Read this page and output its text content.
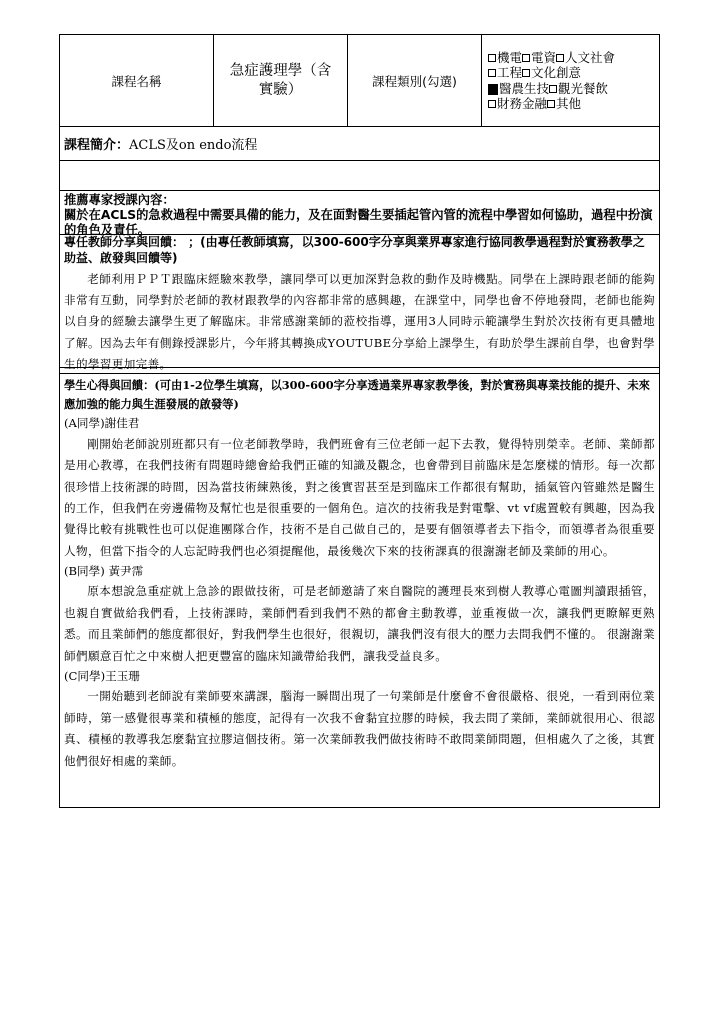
課程名稱
急症護理學（含
實驗）
課程類別(勾選)
機電 電資 人文社會
工程 文化創意
醫農生技 觀光餐飲
財務金融 其他
課程簡介： ACLS及on endo流程
推薦專家授課內容：
關於在ACLS的急救過程中需要具備的能力，及在面對醫生要插起管內管的流程中學習如何協助，過程中扮演的角色及責任。
專任教師分享與回饋： ；(由專任教師填寫，以300-600字分享與業界專家進行協同教學過程對於實務教學之助益、啟發與回饋等)
老師利用ＰＰＴ跟臨床經驗來教學，讓同學可以更加深對急救的動作及時機點。同學在上課時跟老師的能夠非常有互動，同學對於老師的教材跟教學的內容都非常的感興趣，在課堂中，同學也會不停地發問，老師也能夠以自身的經驗去讓學生更了解臨床。非常感謝業師的蒞校指導，運用3人同時示範讓學生對於次技術有更具體地了解。因為去年有側錄授課影片，今年將其轉換成YOUTUBE分享給上課學生，有助於學生課前自學，也會對學生的學習更加完善。
學生心得與回饋：(可由1-2位學生填寫，以300-600字分享透過業界專家教學後，對於實務與專業技能的提升、未來應加強的能力與生涯發展的啟發等)
(A同學)謝佳君

剛開始老師說別班都只有一位老師教學時，我們班會有三位老師一起下去教，覺得特別榮幸。老師、業師都是用心教導，在我們技術有問題時總會給我們正確的知識及觀念，也會帶到目前臨床是怎麼樣的情形。每一次都很珍惜上技術課的時間，因為當技術練熟後，對之後實習甚至是到臨床工作都很有幫助，插氣管內管雖然是醫生的工作，但我們在旁邊備物及幫忙也是很重要的一個角色。這次的技術我是對電擊、vt vf處置較有興趣，因為我覺得比較有挑戰性也可以促進團隊合作，技術不是自己做自己的，是要有個領導者去下指令，而領導者為很重要人物，但當下指令的人忘記時我們也必須提醒他，最後幾次下來的技術課真的很謝謝老師及業師的用心。

(B同學) 黃尹霈

原本想說急重症就上急診的跟做技術，可是老師邀請了來自醫院的護理長來到樹人教導心電圖判讀跟插管，也親自實做給我們看，上技術課時，業師們看到我們不熟的都會主動教導，並重複做一次，讓我們更瞭解更熟悉。而且業師們的態度都很好，對我們學生也很好，很親切，讓我們沒有很大的壓力去問我們不懂的。 很謝謝業師們願意百忙之中來樹人把更豐富的臨床知識帶給我們，讓我受益良多。

(C同學)王玉珊

一開始聽到老師說有業師要來講課，腦海一瞬間出現了一句業師是什麼會不會很嚴格、很兇，一看到兩位業師時，第一感覺很專業和積極的態度，記得有一次我不會黏宜拉膠的時候，我去問了業師，業師就很用心、很認真、積極的教導我怎麼黏宜拉膠這個技術。第一次業師教我們做技術時不敢問業師問題，但相處久了之後，其實他們很好相處的業師。
